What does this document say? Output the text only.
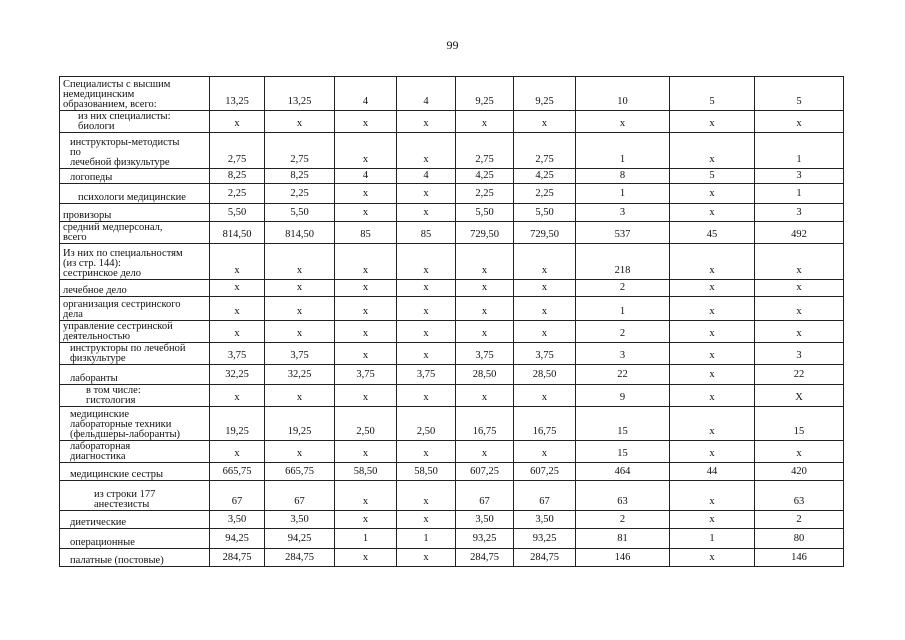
99
Специалисты с высшим
немедицинским
образованием, всего:	13,25	13,25	4	4	9,25	9,25	10	5	5

из них специалисты:
биологи	x	x	x	x	x	x	x	x	x

инструкторы-методисты
по
лечебной физкультуре	2,75	2,75	x	x	2,75	2,75	1	x	1

логопеды	8,25	8,25	4	4	4,25	4,25	8	5	3

психологи медицинские	2,25	2,25	x	x	2,25	2,25	1	x	1

провизоры	5,50	5,50	x	x	5,50	5,50	3	x	3

средний медперсонал,
всего	814,50	814,50	85	85	729,50	729,50	537	45	492

Из них по специальностям
(из стр. 144):
сестринское дело	x	x	x	x	x	x	218	x	x

лечебное дело	x	x	x	x	x	x	2	x	x

организация сестринского
дела	x	x	x	x	x	x	1	x	x

управление сестринской
деятельностью	x	x	x	x	x	x	2	x	x

инструкторы по лечебной
физкультуре	3,75	3,75	x	x	3,75	3,75	3	x	3

лаборанты	32,25	32,25	3,75	3,75	28,50	28,50	22	x	22

в том числе:
гистология	x	x	x	x	x	x	9	x	X

медицинские
лабораторные техники
(фельдшеры-лаборанты)	19,25	19,25	2,50	2,50	16,75	16,75	15	x	15

лабораторная
диагностика	x	x	x	x	x	x	15	x	x

медицинские сестры	665,75	665,75	58,50	58,50	607,25	607,25	464	44	420

из строки 177
анестезисты	67	67	x	x	67	67	63	x	63

диетические	3,50	3,50	x	x	3,50	3,50	2	x	2

операционные	94,25	94,25	1	1	93,25	93,25	81	1	80

палатные (постовые)	284,75	284,75	x	x	284,75	284,75	146	x	146
